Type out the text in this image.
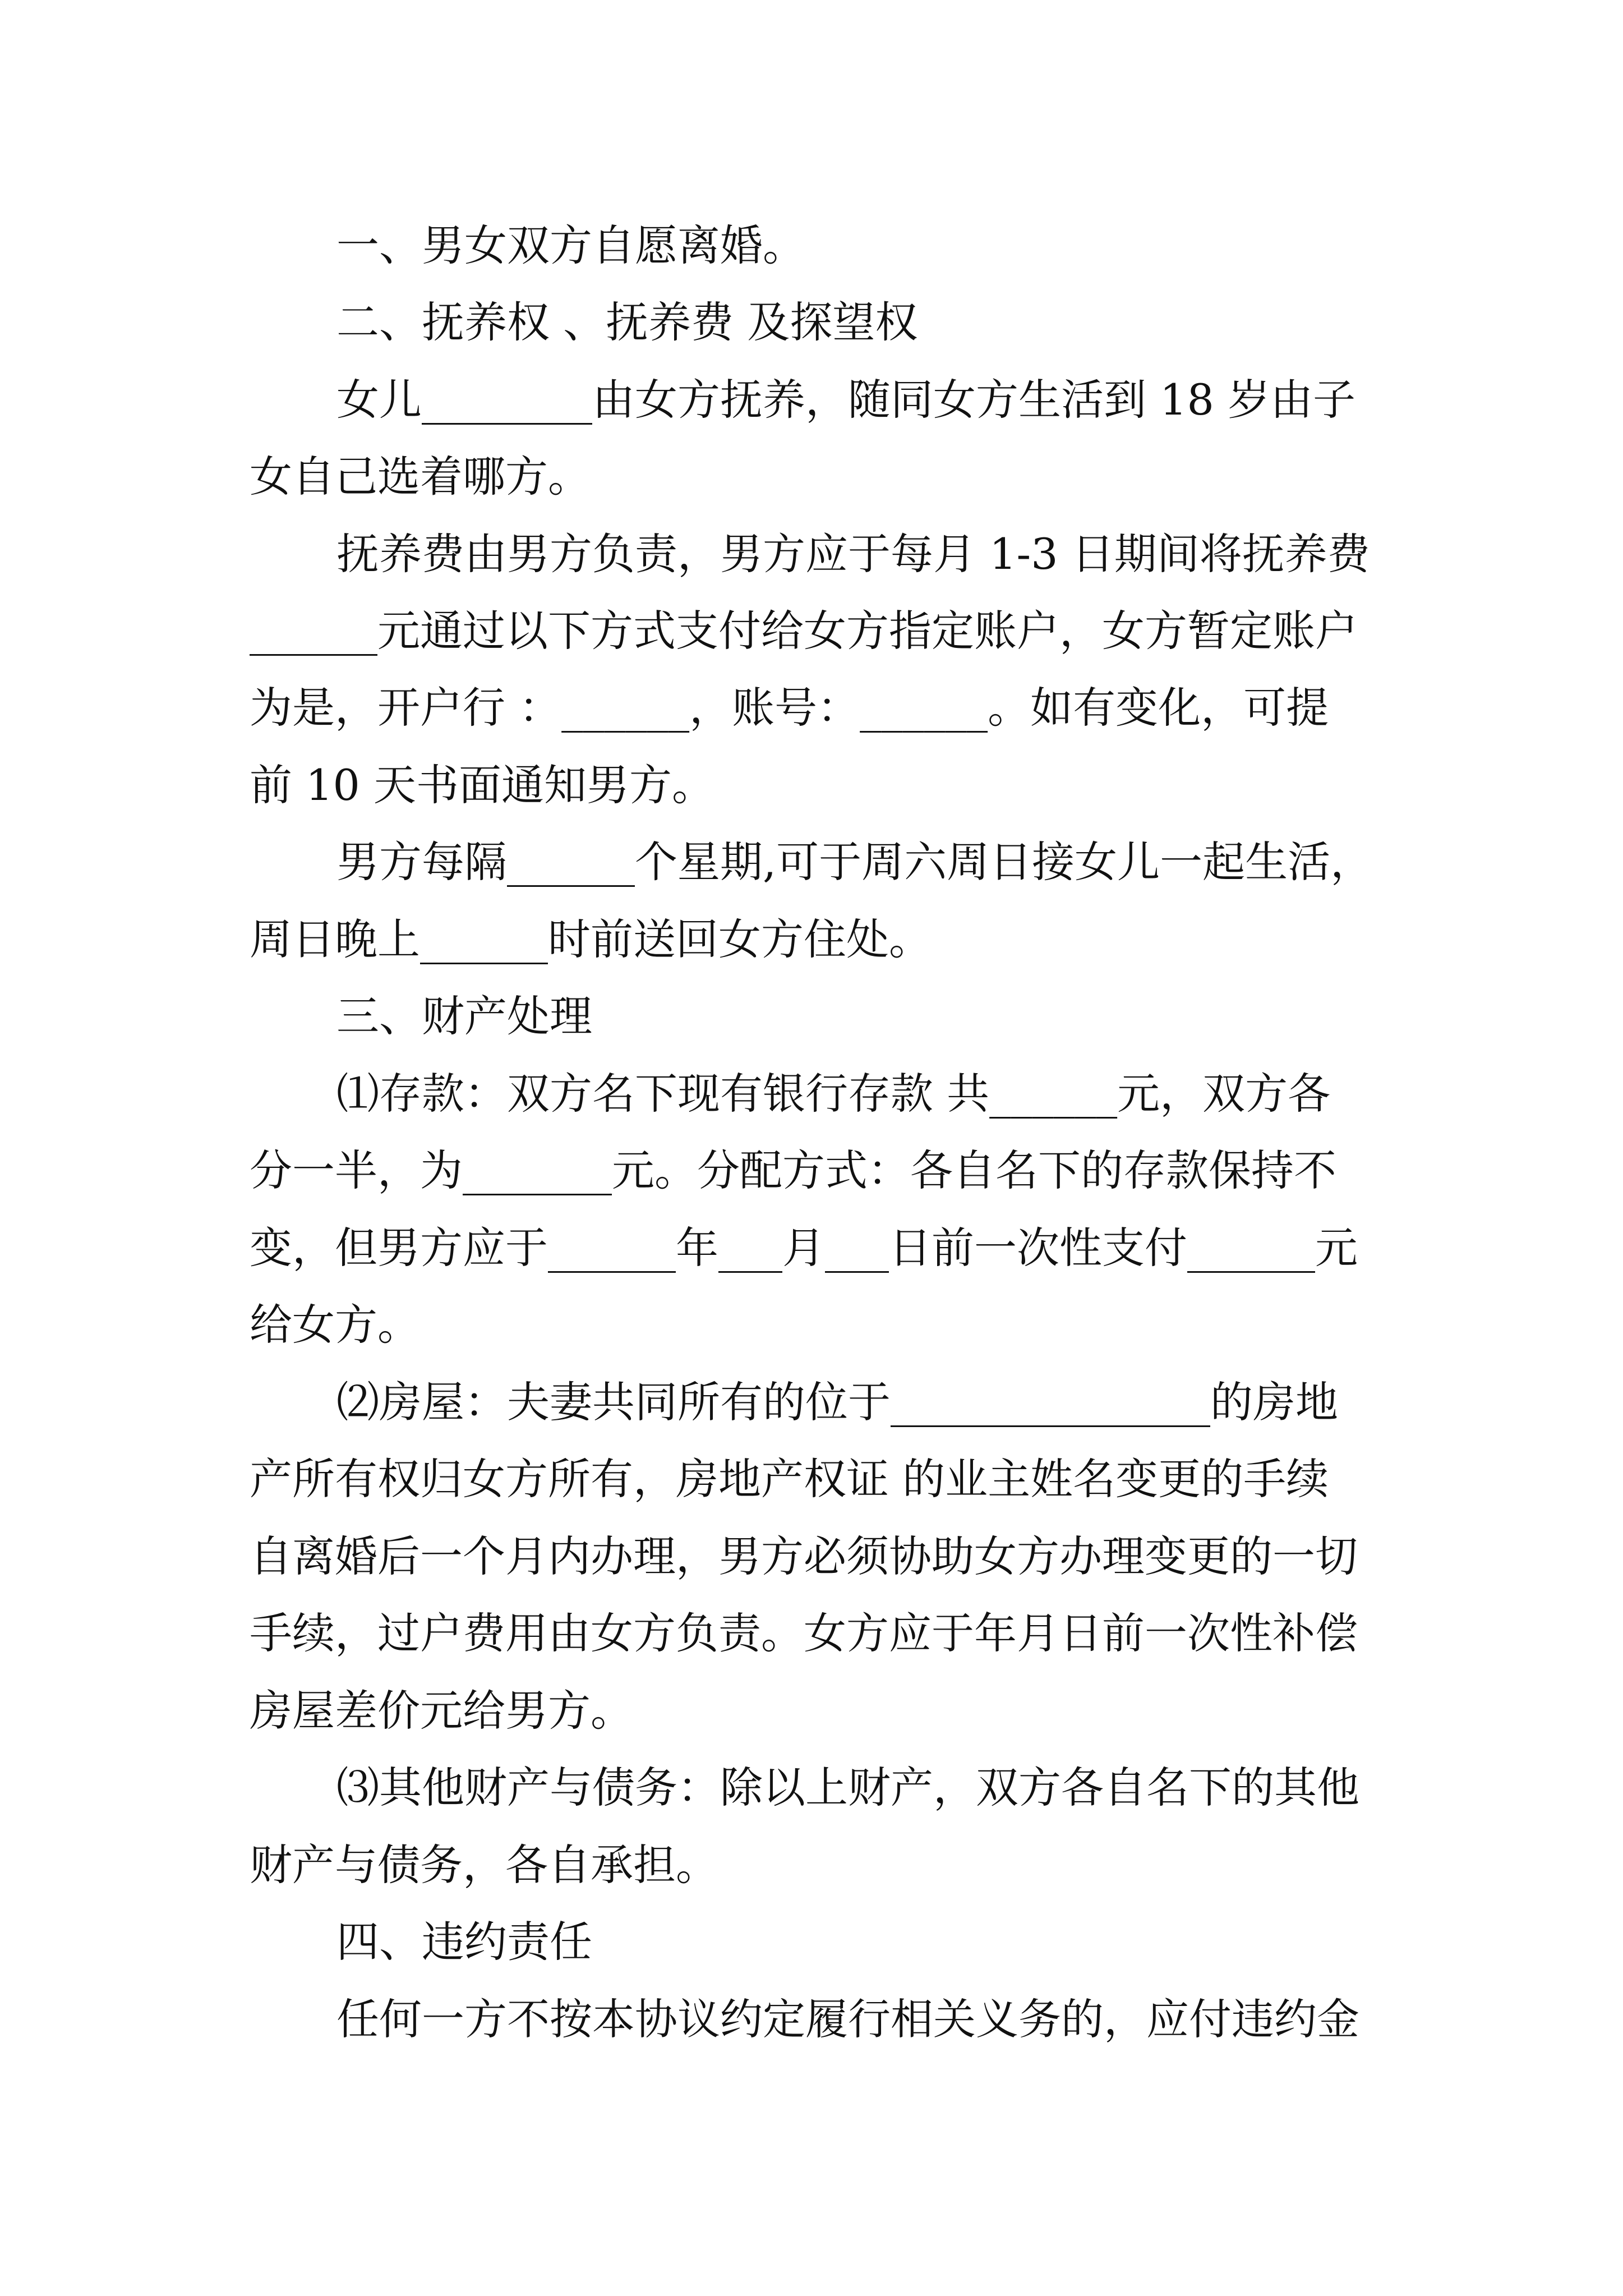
一、男女双方自愿离婚。
二、抚养权 、抚养费 及探望权
女儿________由女方抚养，随同女方生活到 18 岁由子
女自己选着哪方。
抚养费由男方负责，男方应于每月 1-3 日期间将抚养费
______元通过以下方式支付给女方指定账户，女方暂定账户
为是，开户行 ：______，账号：______。如有变化，可提
前 10 天书面通知男方。
男方每隔______个星期,可于周六周日接女儿一起生活，
周日晚上______时前送回女方住处。
三、财产处理
⑴存款：双方名下现有银行存款 共______元，双方各
分一半，为_______元。分配方式：各自名下的存款保持不
变，但男方应于______年___月___日前一次性支付______元
给女方。
⑵房屋：夫妻共同所有的位于_______________的房地
产所有权归女方所有，房地产权证 的业主姓名变更的手续
自离婚后一个月内办理，男方必须协助女方办理变更的一切
手续，过户费用由女方负责。女方应于年月日前一次性补偿
房屋差价元给男方。
⑶其他财产与债务：除以上财产，双方各自名下的其他
财产与债务，各自承担。
四、违约责任
任何一方不按本协议约定履行相关义务的，应付违约金
